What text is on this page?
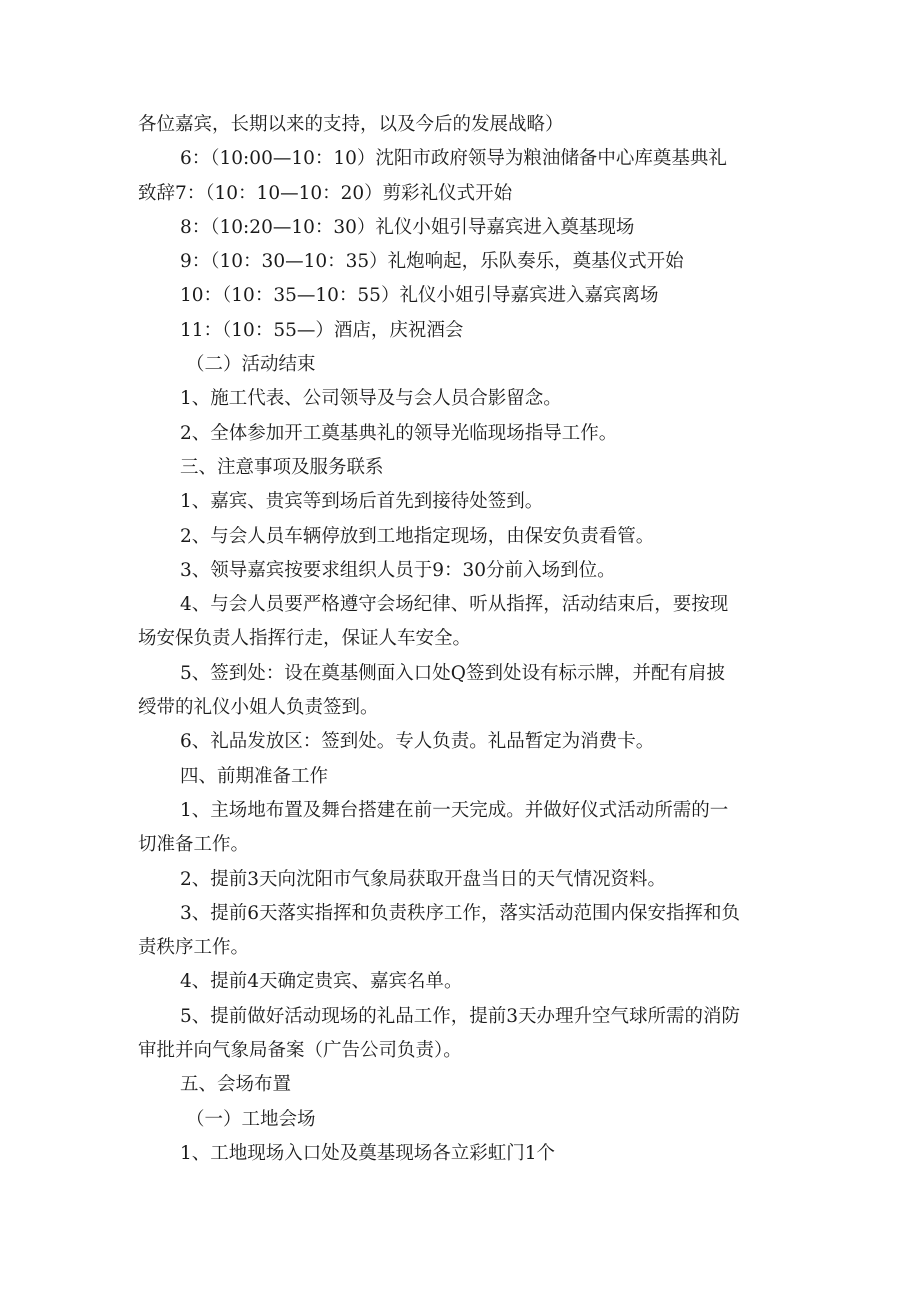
各位嘉宾，长期以来的支持，以及今后的发展战略）
6：（10:00—10：10）沈阳市政府领导为粮油储备中心库奠基典礼
致辞7：（10：10—10：20）剪彩礼仪式开始
8：（10:20—10：30）礼仪小姐引导嘉宾进入奠基现场
9：（10：30—10：35）礼炮响起，乐队奏乐，奠基仪式开始
10：（10：35—10：55）礼仪小姐引导嘉宾进入嘉宾离场
11：（10：55—）酒店，庆祝酒会
（二）活动结束
1、施工代表、公司领导及与会人员合影留念。
2、全体参加开工奠基典礼的领导光临现场指导工作。
三、注意事项及服务联系
1、嘉宾、贵宾等到场后首先到接待处签到。
2、与会人员车辆停放到工地指定现场，由保安负责看管。
3、领导嘉宾按要求组织人员于9：30分前入场到位。
4、与会人员要严格遵守会场纪律、听从指挥，活动结束后，要按现
场安保负责人指挥行走，保证人车安全。
5、签到处：设在奠基侧面入口处Q签到处设有标示牌，并配有肩披
绶带的礼仪小姐人负责签到。
6、礼品发放区：签到处。专人负责。礼品暂定为消费卡。
四、前期准备工作
1、主场地布置及舞台搭建在前一天完成。并做好仪式活动所需的一
切准备工作。
2、提前3天向沈阳市气象局获取开盘当日的天气情况资料。
3、提前6天落实指挥和负责秩序工作，落实活动范围内保安指挥和负
责秩序工作。
4、提前4天确定贵宾、嘉宾名单。
5、提前做好活动现场的礼品工作，提前3天办理升空气球所需的消防
审批并向气象局备案（广告公司负责）。
五、会场布置
（一）工地会场
1、工地现场入口处及奠基现场各立彩虹门1个
